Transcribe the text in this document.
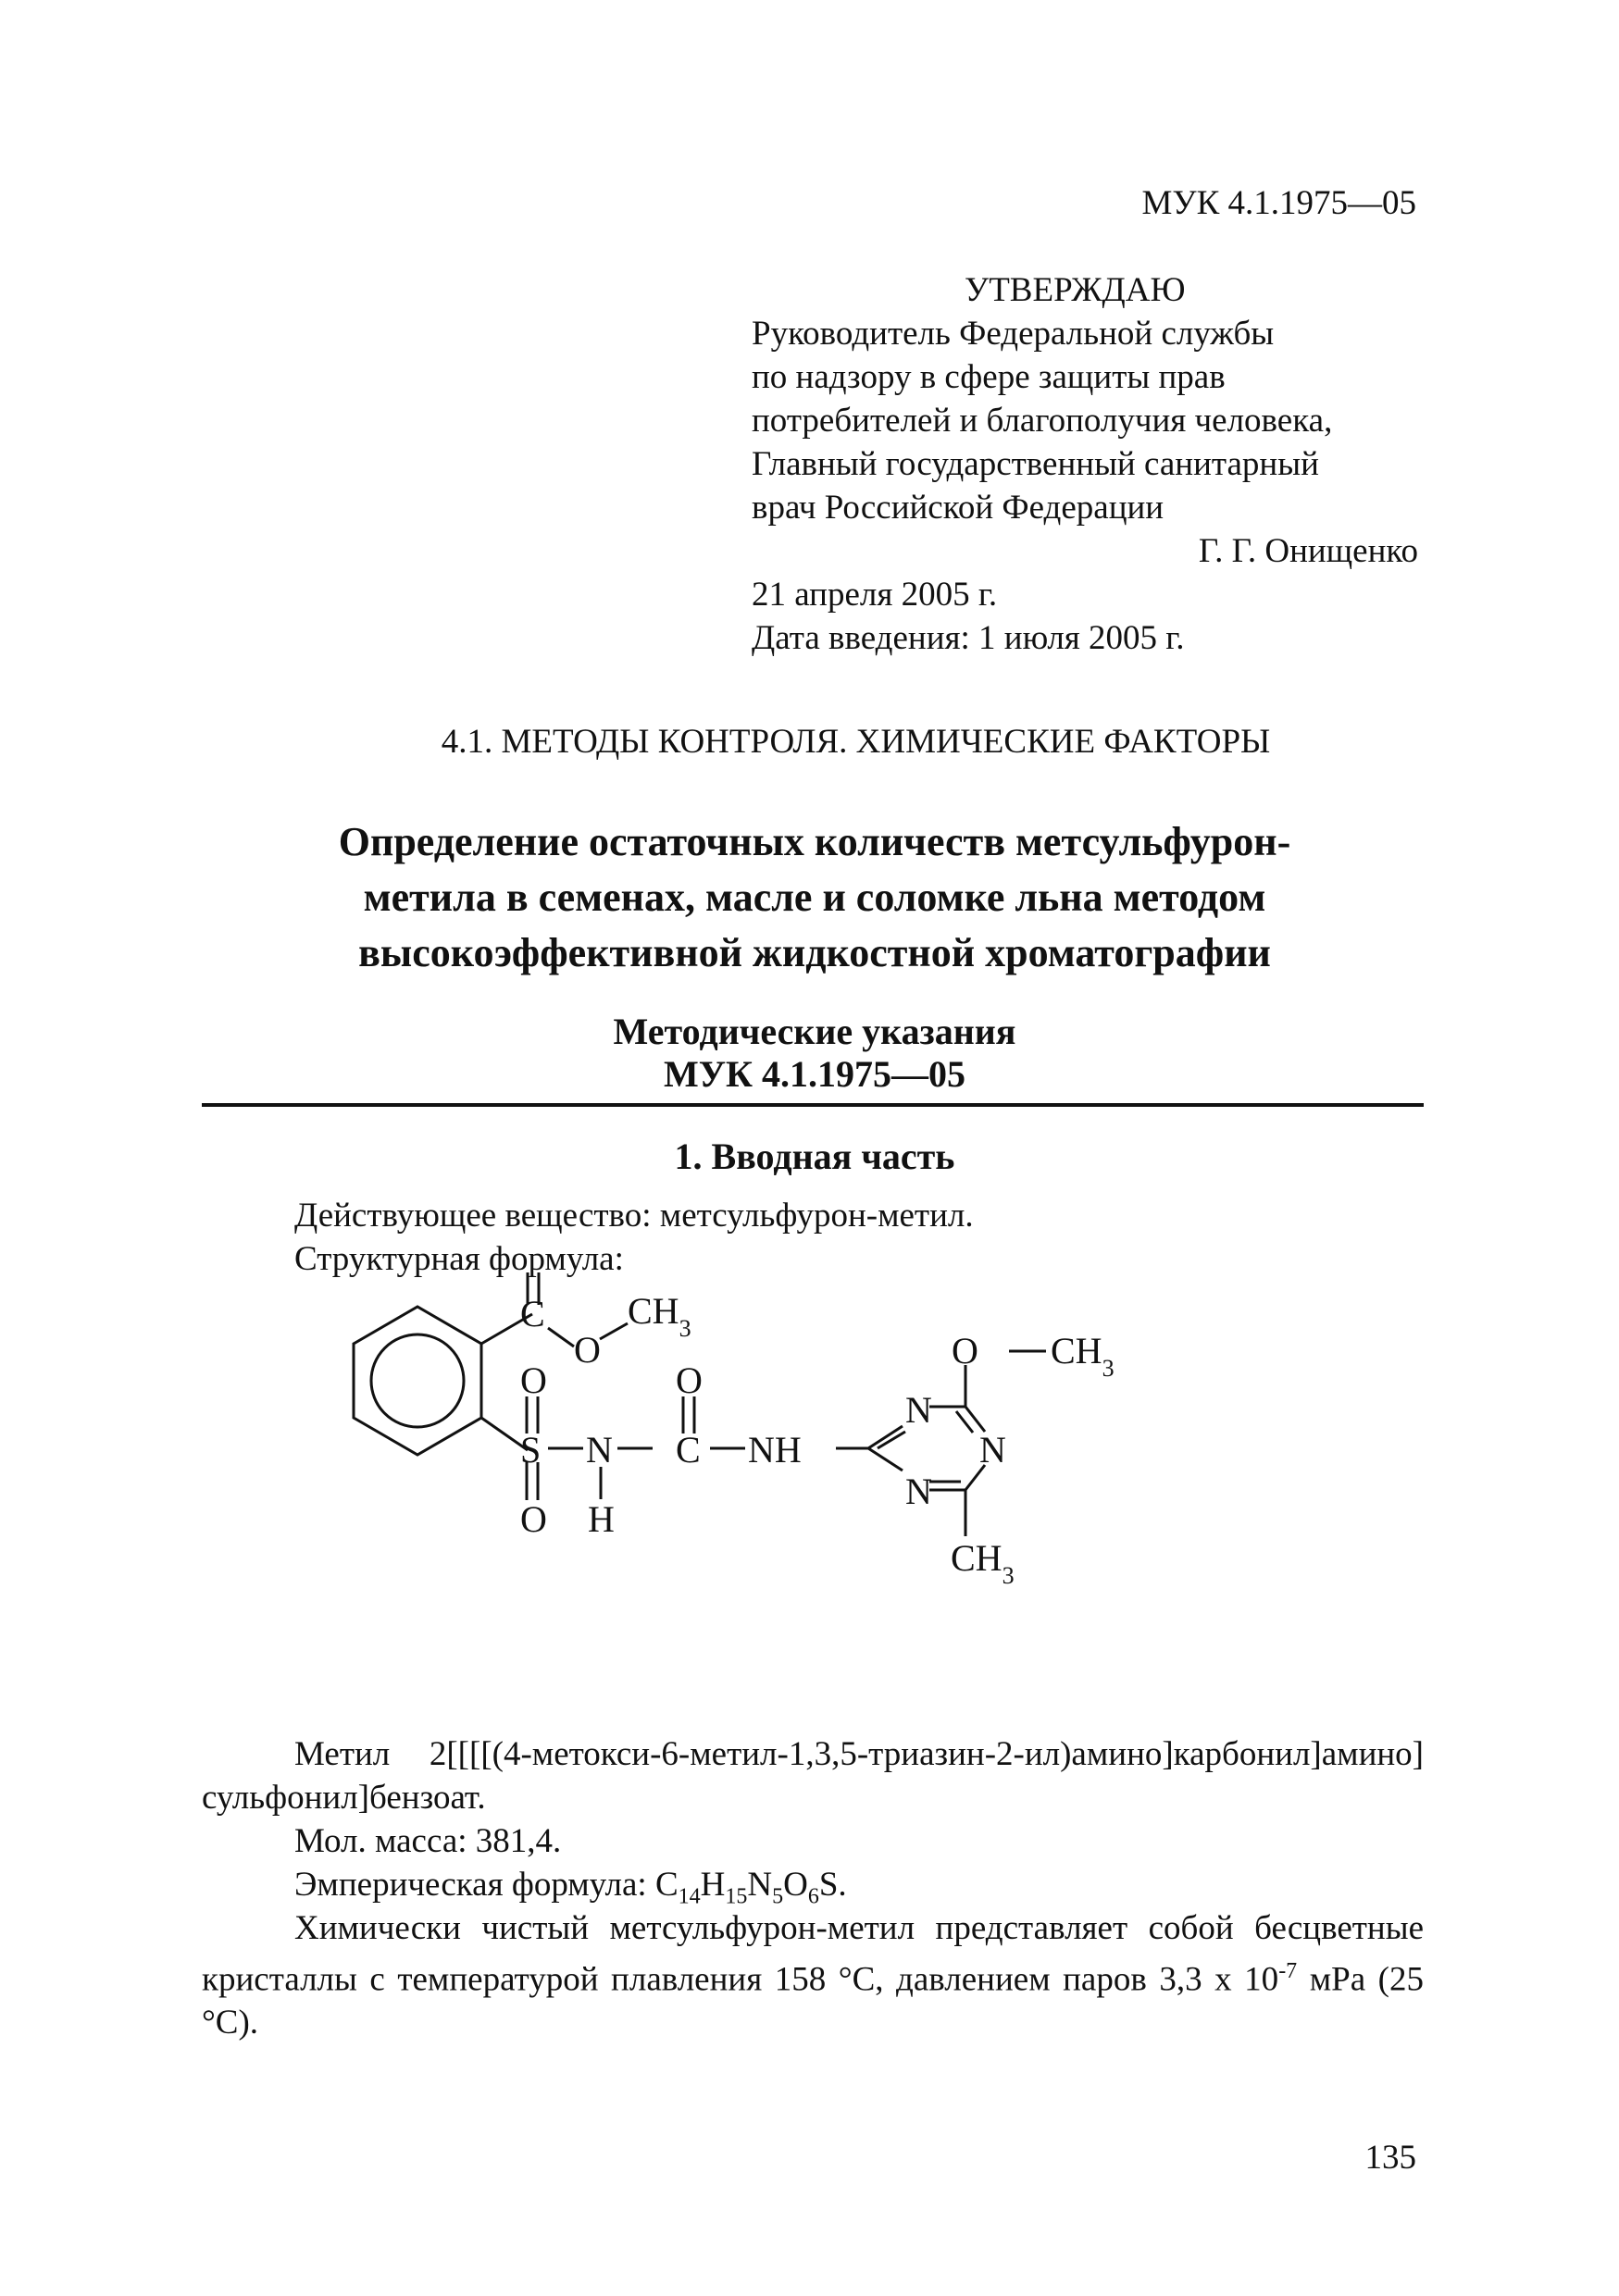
МУК 4.1.1975—05
УТВЕРЖДАЮ
Руководитель Федеральной службы
по надзору в сфере защиты прав
потребителей и благополучия человека,
Главный государственный санитарный
врач Российской Федерации
Г. Г. Онищенко
21 апреля 2005 г.
Дата введения: 1 июля 2005 г.
4.1. МЕТОДЫ КОНТРОЛЯ. ХИМИЧЕСКИЕ ФАКТОРЫ
Определение остаточных количеств метсульфурон-
метила в семенах, масле и соломке льна методом
высокоэффективной жидкостной хроматографии
Методические указания
МУК 4.1.1975—05
1. Вводная часть
Действующее вещество: метсульфурон-метил.
Структурная формула:
C
O
$CH_3$
O
S
O
N
H
O
C NH
N
N
N
O $CH_3$
$CH_3$
Метил 2[[[[(4-метокси-6-метил-1,3,5-триазин-2-ил)амино]карбонил]амино] сульфонил]бензоат.
Мол. масса: 381,4.
Эмперическая формула: $C_{14}H_{15}N_5O_6S$.
Химически чистый метсульфурон-метил представляет собой бесцветные кристаллы с температурой плавления 158 °С, давлением паров 3,3 х $10^{-7}$ мРа (25 °С).
135
